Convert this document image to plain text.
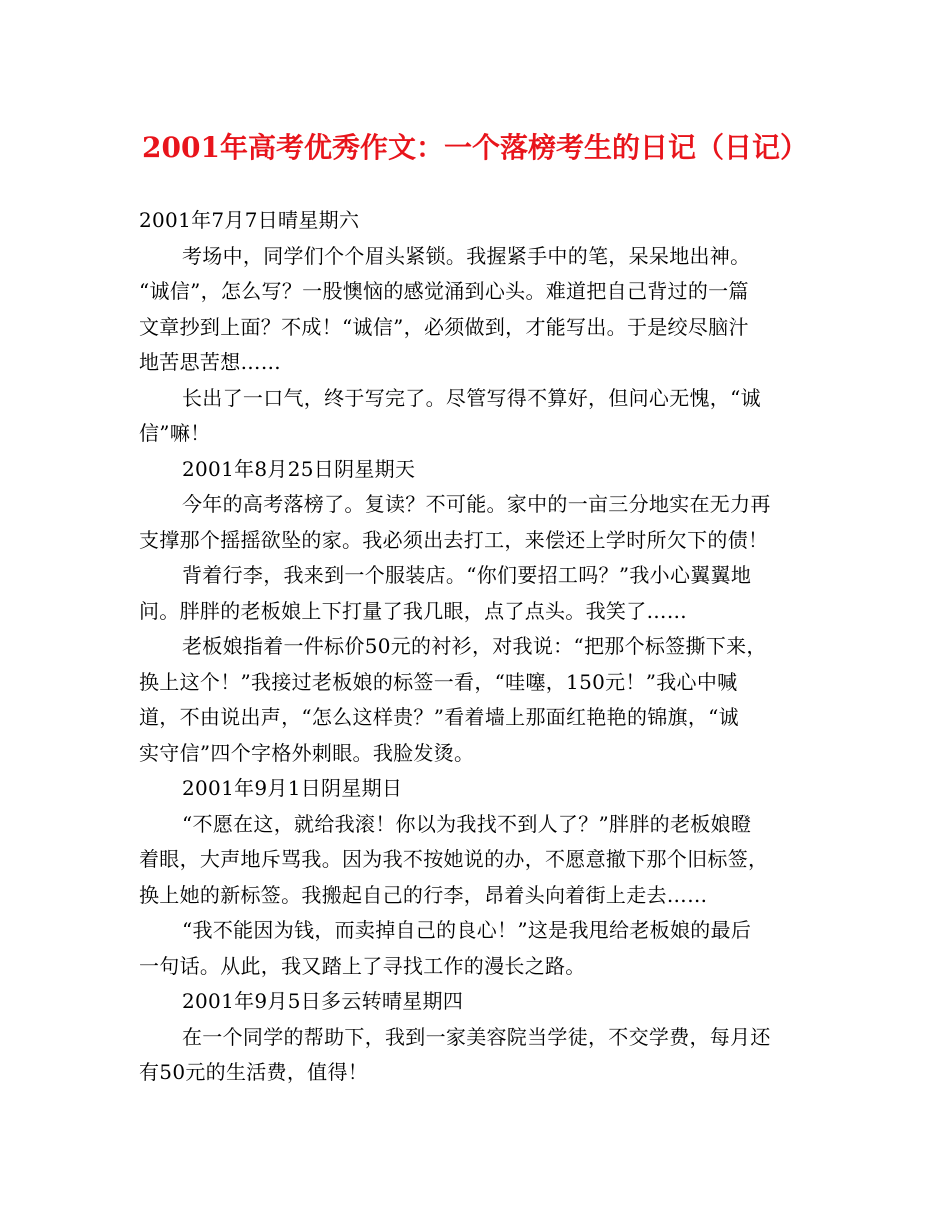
2001年高考优秀作文：一个落榜考生的日记（日记）
2001年7月7日晴星期六
考场中，同学们个个眉头紧锁。我握紧手中的笔，呆呆地出神。
“诚信”，怎么写？一股懊恼的感觉涌到心头。难道把自己背过的一篇
文章抄到上面？不成！“诚信”，必须做到，才能写出。于是绞尽脑汁
地苦思苦想……
长出了一口气，终于写完了。尽管写得不算好，但问心无愧，“诚
信”嘛！
2001年8月25日阴星期天
今年的高考落榜了。复读？不可能。家中的一亩三分地实在无力再
支撑那个摇摇欲坠的家。我必须出去打工，来偿还上学时所欠下的债！
背着行李，我来到一个服装店。“你们要招工吗？”我小心翼翼地
问。胖胖的老板娘上下打量了我几眼，点了点头。我笑了……
老板娘指着一件标价50元的衬衫，对我说：“把那个标签撕下来，
换上这个！”我接过老板娘的标签一看，“哇噻，150元！”我心中喊
道，不由说出声，“怎么这样贵？”看着墙上那面红艳艳的锦旗，“诚
实守信”四个字格外刺眼。我脸发烫。
2001年9月1日阴星期日
“不愿在这，就给我滚！你以为我找不到人了？”胖胖的老板娘瞪
着眼，大声地斥骂我。因为我不按她说的办，不愿意撤下那个旧标签，
换上她的新标签。我搬起自己的行李，昂着头向着街上走去……
“我不能因为钱，而卖掉自己的良心！”这是我甩给老板娘的最后
一句话。从此，我又踏上了寻找工作的漫长之路。
2001年9月5日多云转晴星期四
在一个同学的帮助下，我到一家美容院当学徒，不交学费，每月还
有50元的生活费，值得！
